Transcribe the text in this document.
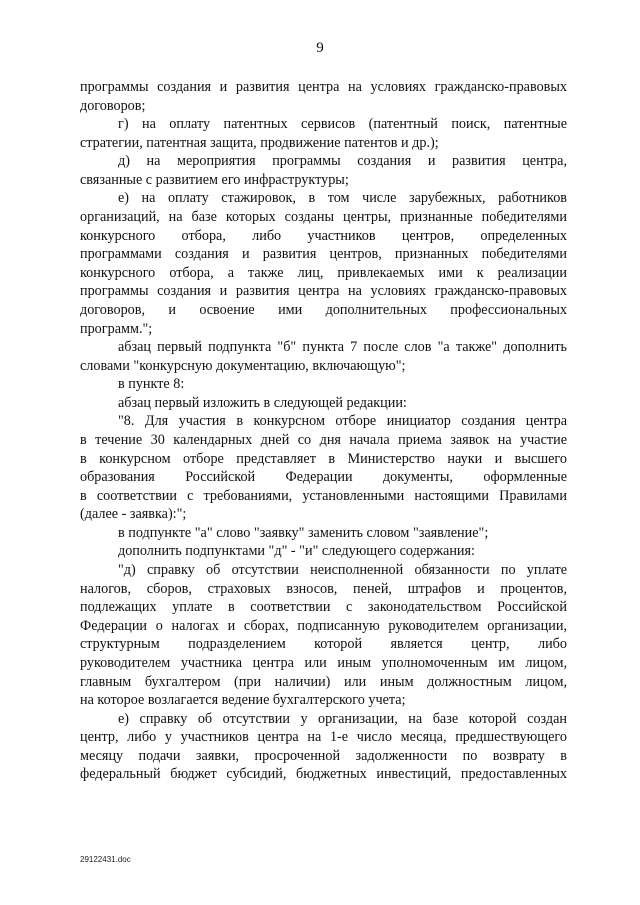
9
программы создания и развития центра на условиях гражданско-правовых
договоров;
г) на оплату патентных сервисов (патентный поиск, патентные
стратегии, патентная защита, продвижение патентов и др.);
д) на мероприятия программы создания и развития центра,
связанные с развитием его инфраструктуры;
е) на оплату стажировок, в том числе зарубежных, работников
организаций, на базе которых созданы центры, признанные победителями
конкурсного отбора, либо участников центров, определенных
программами создания и развития центров, признанных победителями
конкурсного отбора, а также лиц, привлекаемых ими к реализации
программы создания и развития центра на условиях гражданско-правовых
договоров, и освоение ими дополнительных профессиональных
программ.";
абзац первый подпункта "б" пункта 7 после слов "а также" дополнить
словами "конкурсную документацию, включающую";
в пункте 8:
абзац первый изложить в следующей редакции:
"8. Для участия в конкурсном отборе инициатор создания центра
в течение 30 календарных дней со дня начала приема заявок на участие
в конкурсном отборе представляет в Министерство науки и высшего
образования Российской Федерации документы, оформленные
в соответствии с требованиями, установленными настоящими Правилами
(далее - заявка):";
в подпункте "а" слово "заявку" заменить словом "заявление";
дополнить подпунктами "д" - "и" следующего содержания:
"д) справку об отсутствии неисполненной обязанности по уплате
налогов, сборов, страховых взносов, пеней, штрафов и процентов,
подлежащих уплате в соответствии с законодательством Российской
Федерации о налогах и сборах, подписанную руководителем организации,
структурным подразделением которой является центр, либо
руководителем участника центра или иным уполномоченным им лицом,
главным бухгалтером (при наличии) или иным должностным лицом,
на которое возлагается ведение бухгалтерского учета;
е) справку об отсутствии у организации, на базе которой создан
центр, либо у участников центра на 1-е число месяца, предшествующего
месяцу подачи заявки, просроченной задолженности по возврату в
федеральный бюджет субсидий, бюджетных инвестиций, предоставленных
29122431.doc
